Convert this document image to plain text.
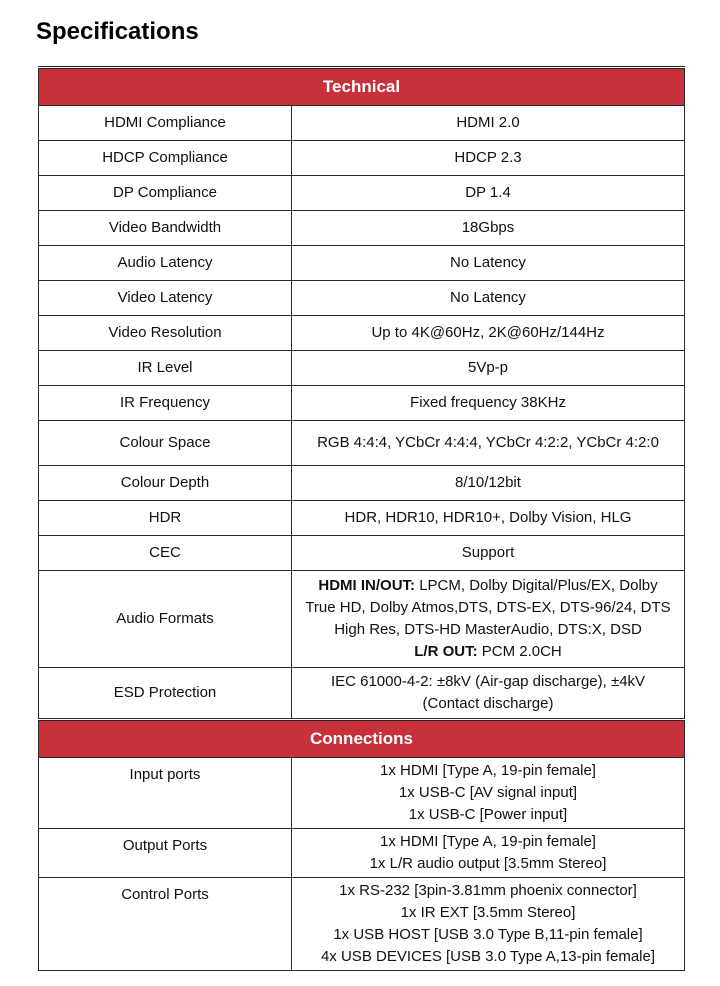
Specifications
Technical	
HDMI Compliance	HDMI 2.0
HDCP Compliance	HDCP 2.3
DP Compliance	DP 1.4
Video Bandwidth	18Gbps
Audio Latency	No Latency
Video Latency	No Latency
Video Resolution	Up to 4K@60Hz, 2K@60Hz/144Hz
IR Level	5Vp-p
IR Frequency	Fixed frequency 38KHz
Colour Space	RGB 4:4:4, YCbCr 4:4:4, YCbCr 4:2:2, YCbCr 4:2:0
Colour Depth	8/10/12bit
HDR	HDR, HDR10, HDR10+, Dolby Vision, HLG
CEC	Support
Audio Formats	HDMI IN/OUT: LPCM, Dolby Digital/Plus/EX, Dolby
True HD, Dolby Atmos,DTS, DTS-EX, DTS-96/24, DTS
High Res, DTS-HD MasterAudio, DTS:X, DSD
L/R OUT: PCM 2.0CH

ESD Protection	IEC 61000-4-2: ±8kV (Air-gap discharge), ±4kV
(Contact discharge)

Connections	
Input ports	1x HDMI [Type A, 19-pin female]
1x USB-C [AV signal input]
1x USB-C [Power input]

Output Ports	1x HDMI [Type A, 19-pin female]
1x L/R audio output [3.5mm Stereo]

Control Ports	1x RS-232 [3pin-3.81mm phoenix connector]
1x IR EXT [3.5mm Stereo]
1x USB HOST [USB 3.0 Type B,11-pin female]
4x USB DEVICES [USB 3.0 Type A,13-pin female]
